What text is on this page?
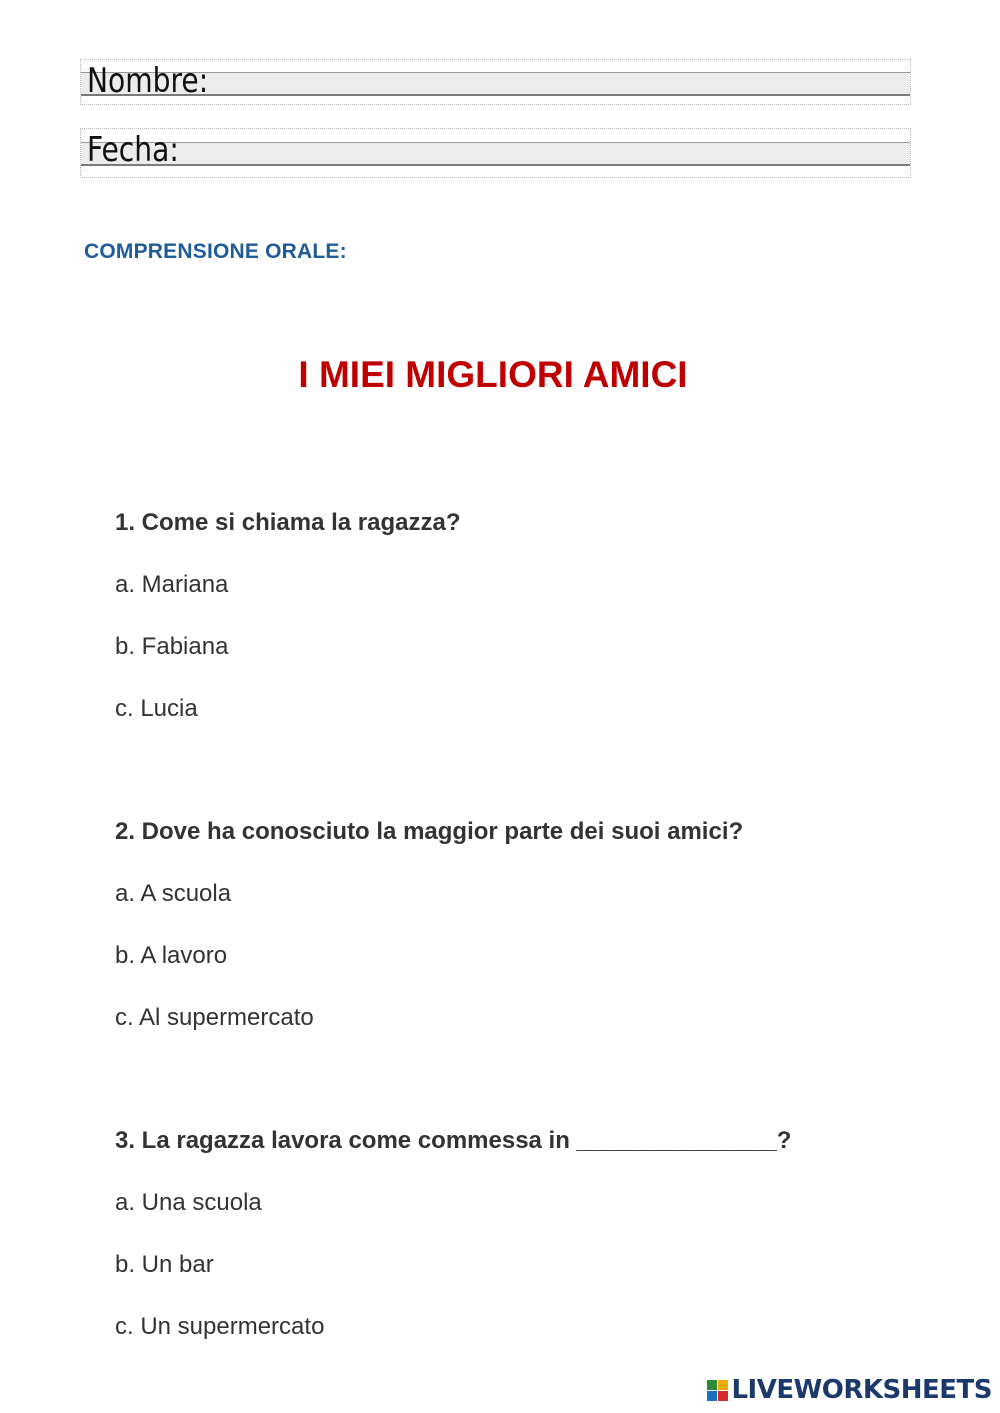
Nombre:
Fecha:
COMPRENSIONE ORALE:
I MIEI MIGLIORI AMICI
1. Come si chiama la ragazza?
a. Mariana
b. Fabiana
c. Lucia
2. Dove ha conosciuto la maggior parte dei suoi amici?
a. A scuola
b. A lavoro
c. Al supermercato
3. La ragazza lavora come commessa in _______________?
a. Una scuola
b. Un bar
c. Un supermercato
LIVEWORKSHEETS
